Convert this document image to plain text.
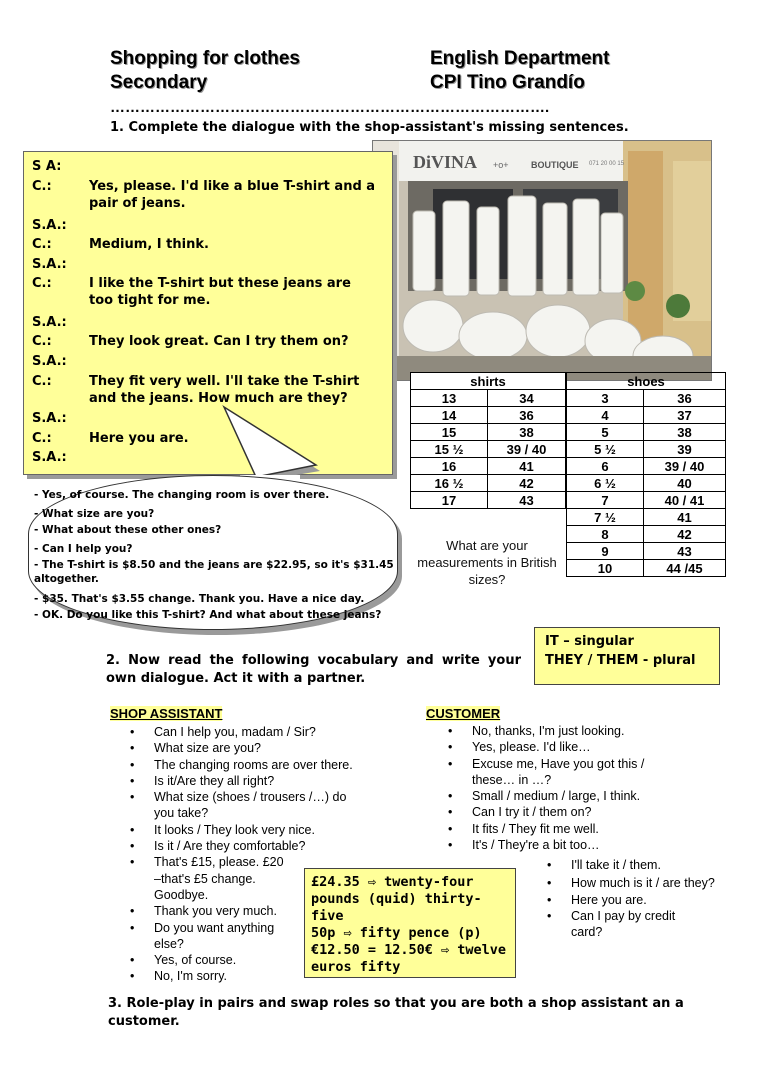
Shopping for clothes
Secondary
English Department
CPI Tino Grandío
…………………………………………………………………………….
1. Complete the dialogue with the shop-assistant's missing sentences.
DiVINA +o+ BOUTIQUE 071 20 00 15
S A:
C.:	Yes, please. I'd like a blue T-shirt and a pair of jeans.
S.A.:
C.:	Medium, I think.
S.A.:
C.:	I like the T-shirt but these jeans are too tight for me.
S.A.:
C.:	They look great. Can I try them on?
S.A.:
C.:	They fit very well. I'll take the T-shirt and the jeans. How much are they?
S.A.:
C.:	Here you are.
S.A.:
- Yes, of course. The changing room is over there.
- What size are you?
- What about these other ones?
- Can I help you?
- The T-shirt is $8.50 and the jeans are $22.95, so it's $31.45 altogether.
- $35. That's $3.55 change. Thank you. Have a nice day.
- OK. Do you like this T-shirt? And what about these jeans?
shirts	
13	34
14	36
15	38
15 ½	39 / 40
16	41
16 ½	42
17	43
What are your measurements in British sizes?
shoes	
3	36
4	37
5	38
5 ½	39
6	39 / 40
6 ½	40
7	40 / 41
7 ½	41
8	42
9	43
10	44 /45
IT – singular
THEY / THEM - plural
2. Now read the following vocabulary and write your own dialogue. Act it with a partner.
SHOP ASSISTANT
• Can I help you, madam / Sir?
• What size are you?
• The changing rooms are over there.
• Is it/Are they all right?
• What size (shoes / trousers /…) do you take?
• It looks / They look very nice.
• Is it / Are they comfortable?
• That's £15, please. £20 –that's £5 change. Goodbye.
• Thank you very much.
• Do you want anything else?
• Yes, of course.
• No, I'm sorry.
CUSTOMER
• No, thanks, I'm just looking.
• Yes, please. I'd like…
• Excuse me, Have you got this / these… in …?
• Small / medium / large, I think.
• Can I try it / them on?
• It fits / They fit me well.
• It's / They're a bit too…
• I'll take it / them.
• How much is it / are they?
• Here you are.
• Can I pay by credit card?
£24.35 ⇨ twenty-four pounds (quid) thirty-five
50p ⇨ fifty pence (p)
€12.50 = 12.50€ ⇨ twelve euros fifty
3. Role-play in pairs and swap roles so that you are both a shop assistant an a customer.
